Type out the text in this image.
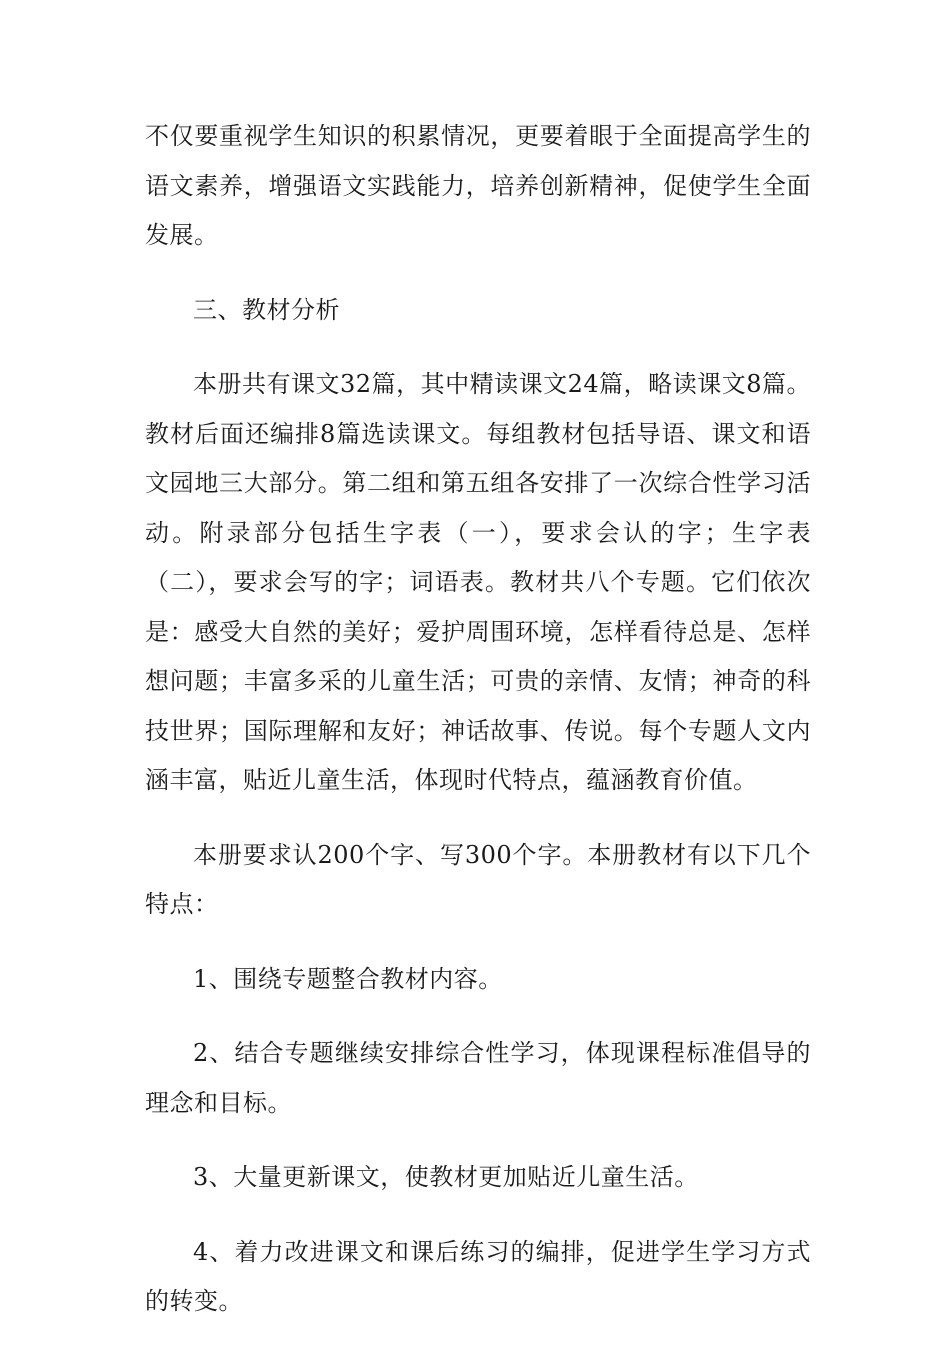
不仅要重视学生知识的积累情况，更要着眼于全面提高学生的语文素养，增强语文实践能力，培养创新精神，促使学生全面发展。

三、教材分析

本册共有课文32篇，其中精读课文24篇，略读课文8篇。教材后面还编排8篇选读课文。每组教材包括导语、课文和语文园地三大部分。第二组和第五组各安排了一次综合性学习活动。附录部分包括生字表（一），要求会认的字；生字表（二），要求会写的字；词语表。教材共八个专题。它们依次是：感受大自然的美好；爱护周围环境，怎样看待总是、怎样想问题；丰富多采的儿童生活；可贵的亲情、友情；神奇的科技世界；国际理解和友好；神话故事、传说。每个专题人文内涵丰富，贴近儿童生活，体现时代特点，蕴涵教育价值。

本册要求认200个字、写300个字。本册教材有以下几个特点：

1、围绕专题整合教材内容。

2、结合专题继续安排综合性学习，体现课程标准倡导的理念和目标。

3、大量更新课文，使教材更加贴近儿童生活。

4、着力改进课文和课后练习的编排，促进学生学习方式的转变。
